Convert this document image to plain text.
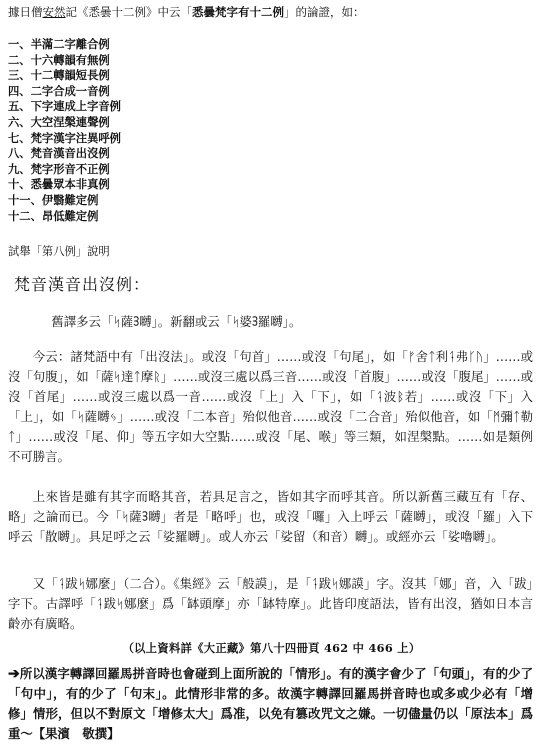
據日僧安然記《悉曇十二例》中云「悉曇梵字有十二例」的論證，如：
一、半滿二字離合例
二、十六轉韻有無例
三、十二轉韻短長例
四、二字合成一音例
五、下字連成上字音例
六、大空涅槃連聲例
七、梵字漢字注異呼例
八、梵音漢音出沒例
九、梵字形音不正例
十、悉曇眾本非真例
十一、伊翳難定例
十二、昂低難定例
試舉「第八例」說明
梵音漢音出沒例：
舊譯多云「ᛋ薩ᢃ嚩」。新翻或云「ᛋ婆ᢃ羅嚩」。
今云：諸梵語中有「出沒法」。或沒「句首」……或沒「句尾」，如「ᚠ舍ᛏ利ᛑ弗ᚴᚢ」……或沒「句腹」，如「薩ᛋ達ᛏ摩ᚱ」……或沒三處以爲三音……或沒「首腹」……或沒「腹尾」……或沒「首尾」……或沒三處以爲一音……或沒「上」入「下」，如「ᛑ波ᛒ若」……或沒「下」入「上」，如「ᛋ薩嚩ᛃ」……或沒「二本音」殆似他音……或沒「二合音」殆似他音，如「ᛗ彌ᛏ勒ᛏ」……或沒「尾、仰」等五字如大空點……或沒「尾、喉」等三類，如涅槃點。……如是類例不可勝言。
上來皆是雖有其字而略其音，若具足言之，皆如其字而呼其音。所以新舊三藏互有「存、略」之論而已。今「ᛋ薩ᢃ嚩」者是「略呼」也，或沒「囉」入上呼云「薩嚩」，或沒「羅」入下呼云「散嚩」。具足呼之云「娑羅嚩」。或人亦云「娑留（和音）嚩」。或經亦云「娑嚕嚩」。
又「ᛑ跋ᛋ娜麼」（二合）。《集經》云「般謨」，是「ᛑ跋ᛋ娜謨」字。沒其「娜」音，入「跋」字下。古譯呼「ᛑ跋ᛋ娜麼」爲「缽頭摩」亦「缽特摩」。此皆印度語法，皆有出沒，猶如日本言齡亦有廣略。
（以上資料詳《大正藏》第八十四冊頁 462 中 466 上）
➔所以漢字轉譯回羅馬拼音時也會碰到上面所說的「情形」。有的漢字會少了「句頭」，有的少了「句中」，有的少了「句末」。此情形非常的多。故漢字轉譯回羅馬拼音時也或多或少必有「增修」情形，但以不對原文「增修太大」爲准，以免有篡改咒文之嫌。一切儘量仍以「原法本」爲重～【果濱　敬撰】
